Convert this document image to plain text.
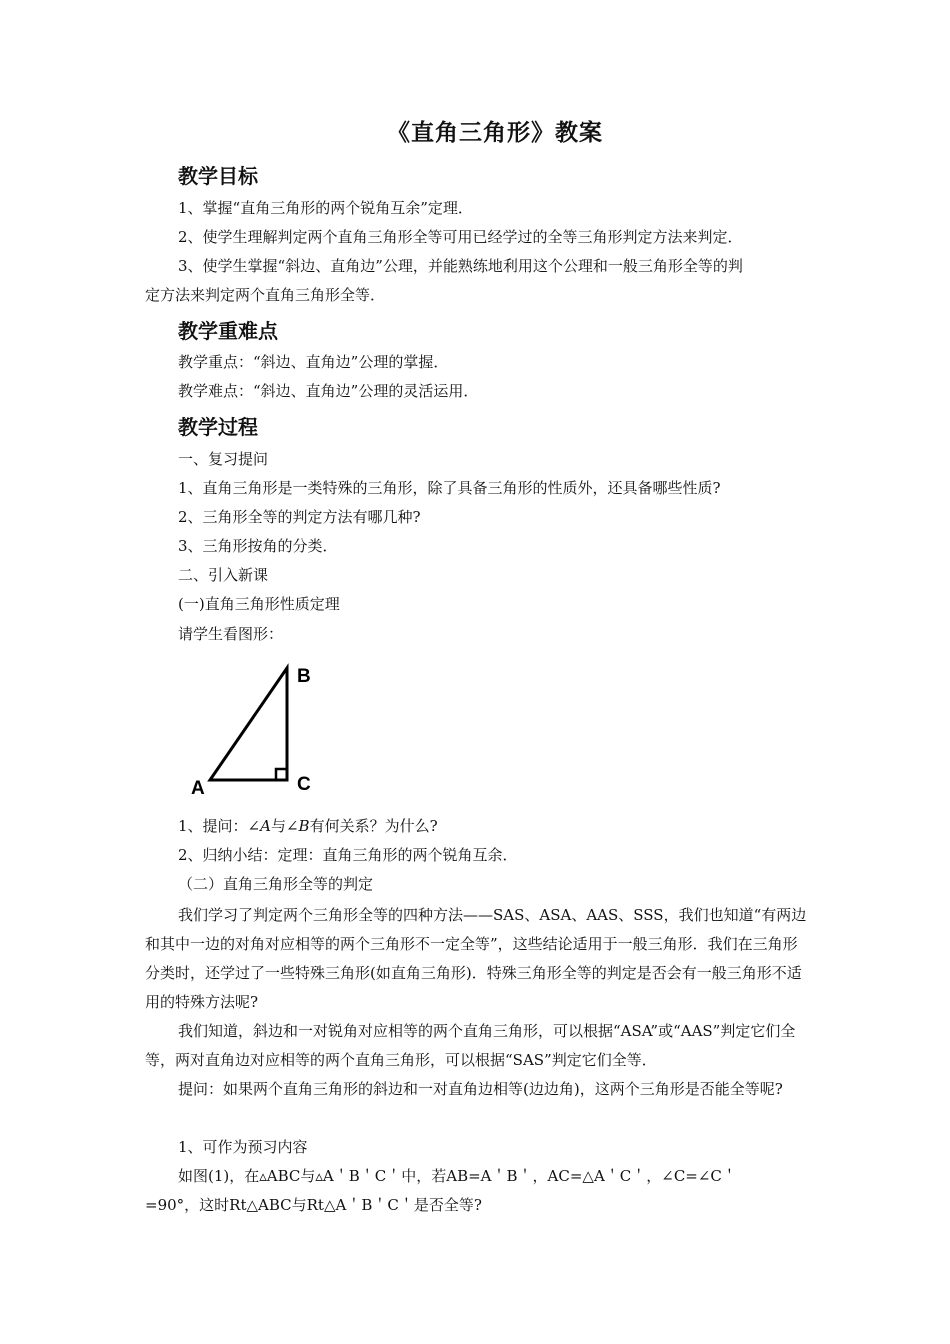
《直角三角形》教案
教学目标
1、掌握“直角三角形的两个锐角互余”定理．
2、使学生理解判定两个直角三角形全等可用已经学过的全等三角形判定方法来判定．
3、使学生掌握“斜边、直角边”公理，并能熟练地利用这个公理和一般三角形全等的判
定方法来判定两个直角三角形全等．
教学重难点
教学重点：“斜边、直角边”公理的掌握．
教学难点：“斜边、直角边”公理的灵活运用．
教学过程
一、复习提问
1、直角三角形是一类特殊的三角形，除了具备三角形的性质外，还具备哪些性质?
2、三角形全等的判定方法有哪几种?
3、三角形按角的分类．
二、引入新课
(一)直角三角形性质定理
请学生看图形：
A
B
C
1、提问：∠A与∠B有何关系？为什么?
2、归纳小结：定理：直角三角形的两个锐角互余．
（二）直角三角形全等的判定
我们学习了判定两个三角形全等的四种方法——SAS、ASA、AAS、SSS，我们也知道“有两边和其中一边的对角对应相等的两个三角形不一定全等”，这些结论适用于一般三角形．我们在三角形分类时，还学过了一些特殊三角形(如直角三角形)．特殊三角形全等的判定是否会有一般三角形不适用的特殊方法呢?
我们知道，斜边和一对锐角对应相等的两个直角三角形，可以根据“ASA”或“AAS”判定它们全等，两对直角边对应相等的两个直角三角形，可以根据“SAS”判定它们全等．
提问：如果两个直角三角形的斜边和一对直角边相等(边边角)，这两个三角形是否能全等呢?
1、可作为预习内容
如图(1)，在▵ABC与▵A＇B＇C＇中，若AB=A＇B＇，AC=△A＇C＇，∠C=∠C＇
=90°，这时Rt△ABC与Rt△A＇B＇C＇是否全等?
